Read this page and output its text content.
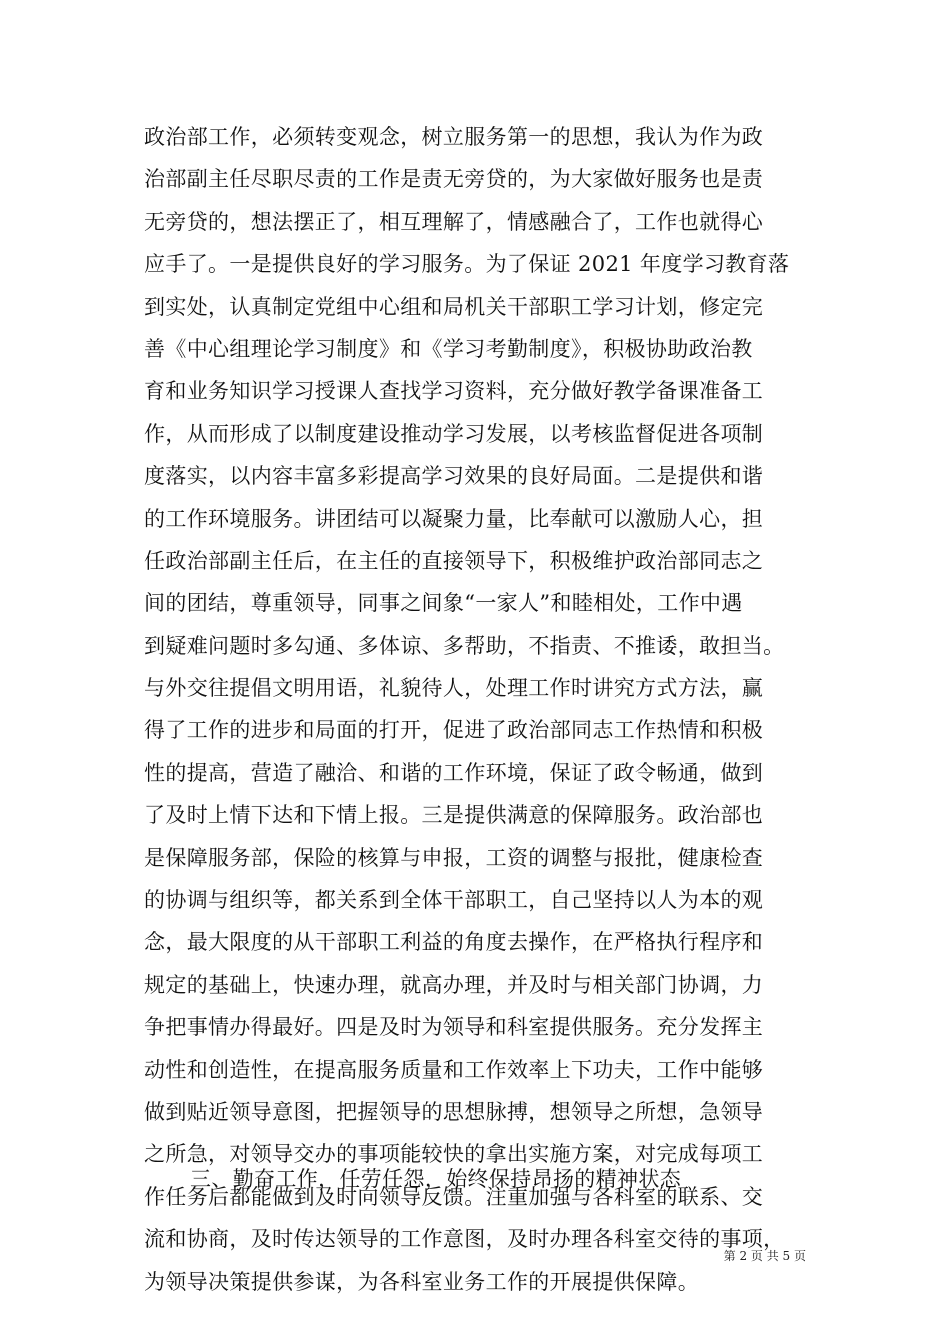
政治部工作，必须转变观念，树立服务第一的思想，我认为作为政
治部副主任尽职尽责的工作是责无旁贷的，为大家做好服务也是责
无旁贷的，想法摆正了，相互理解了，情感融合了，工作也就得心
应手了。一是提供良好的学习服务。为了保证 2021 年度学习教育落
到实处，认真制定党组中心组和局机关干部职工学习计划，修定完
善《中心组理论学习制度》和《学习考勤制度》，积极协助政治教
育和业务知识学习授课人查找学习资料，充分做好教学备课准备工
作，从而形成了以制度建设推动学习发展，以考核监督促进各项制
度落实，以内容丰富多彩提高学习效果的良好局面。二是提供和谐
的工作环境服务。讲团结可以凝聚力量，比奉献可以激励人心，担
任政治部副主任后，在主任的直接领导下，积极维护政治部同志之
间的团结，尊重领导，同事之间象“一家人”和睦相处，工作中遇
到疑难问题时多勾通、多体谅、多帮助，不指责、不推诿，敢担当。
与外交往提倡文明用语，礼貌待人，处理工作时讲究方式方法，赢
得了工作的进步和局面的打开，促进了政治部同志工作热情和积极
性的提高，营造了融洽、和谐的工作环境，保证了政令畅通，做到
了及时上情下达和下情上报。三是提供满意的保障服务。政治部也
是保障服务部，保险的核算与申报，工资的调整与报批，健康检查
的协调与组织等，都关系到全体干部职工，自己坚持以人为本的观
念，最大限度的从干部职工利益的角度去操作，在严格执行程序和
规定的基础上，快速办理，就高办理，并及时与相关部门协调，力
争把事情办得最好。四是及时为领导和科室提供服务。充分发挥主
动性和创造性，在提高服务质量和工作效率上下功夫，工作中能够
做到贴近领导意图，把握领导的思想脉搏，想领导之所想，急领导
之所急，对领导交办的事项能较快的拿出实施方案，对完成每项工
作任务后都能做到及时向领导反馈。注重加强与各科室的联系、交
流和协商，及时传达领导的工作意图，及时办理各科室交待的事项，
为领导决策提供参谋，为各科室业务工作的开展提供保障。
三、勤奋工作，任劳任怨，始终保持昂扬的精神状态
第 2 页 共 5 页
